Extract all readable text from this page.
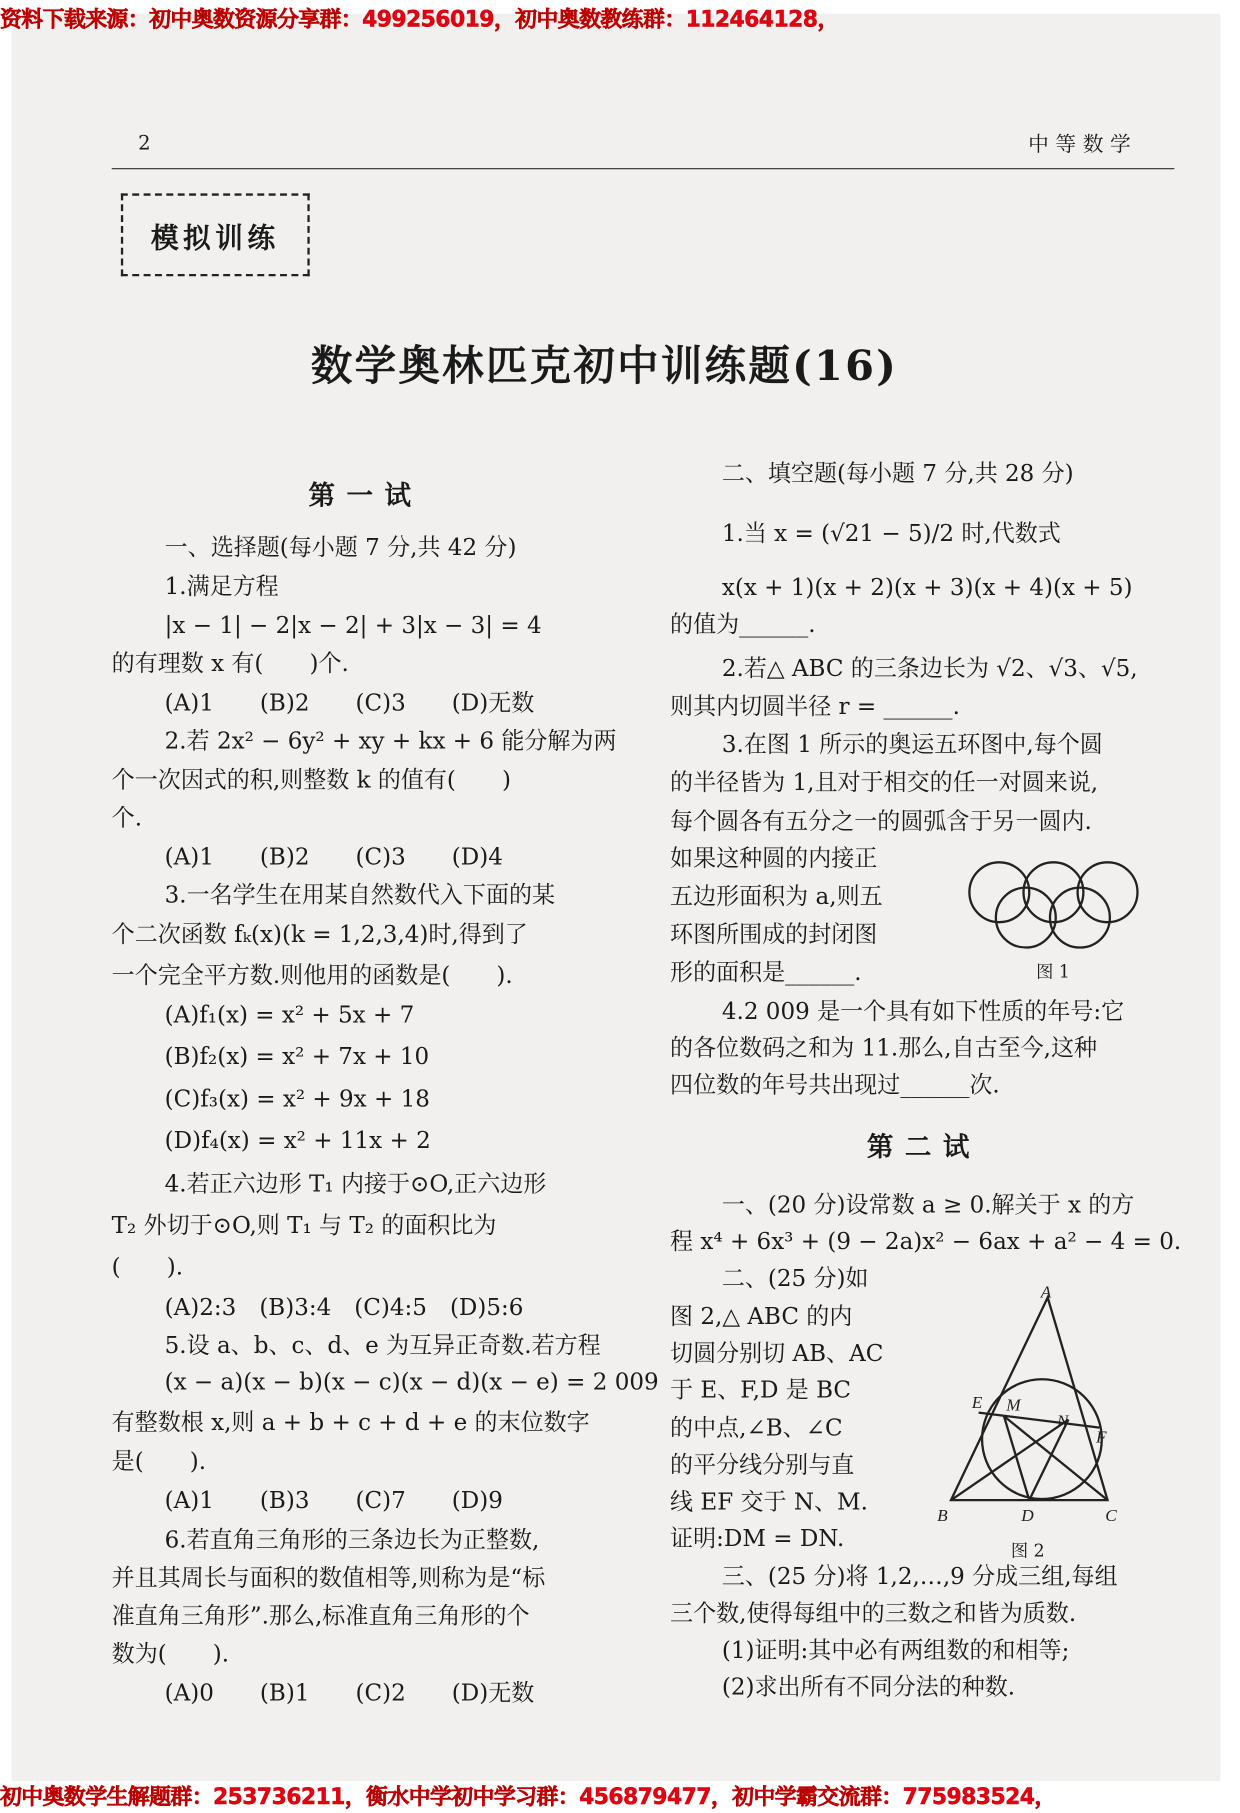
资料下载来源：初中奥数资源分享群：499256019，初中奥数教练群：112464128，
初中奥数学生解题群：253736211，衡水中学初中学习群：456879477，初中学霸交流群：775983524，
2	中 等 数 学
模拟训练
数学奥林匹克初中训练题(16)
第一试
第二试
一、选择题(每小题 7 分,共 42 分)
1.满足方程
|x − 1| − 2|x − 2| + 3|x − 3| = 4
的有理数 x 有(　　)个.
(A)1　　(B)2　　(C)3　　(D)无数
2.若 2x² − 6y² + xy + kx + 6 能分解为两
个一次因式的积,则整数 k 的值有(　　)
个.
(A)1　　(B)2　　(C)3　　(D)4
3.一名学生在用某自然数代入下面的某
个二次函数 fₖ(x)(k = 1,2,3,4)时,得到了
一个完全平方数.则他用的函数是(　　).
(A)f₁(x) = x² + 5x + 7
(B)f₂(x) = x² + 7x + 10
(C)f₃(x) = x² + 9x + 18
(D)f₄(x) = x² + 11x + 2
4.若正六边形 T₁ 内接于⊙O,正六边形
T₂ 外切于⊙O,则 T₁ 与 T₂ 的面积比为
(　　).
(A)2:3　(B)3:4　(C)4:5　(D)5:6
5.设 a、b、c、d、e 为互异正奇数.若方程
(x − a)(x − b)(x − c)(x − d)(x − e) = 2 009
有整数根 x,则 a + b + c + d + e 的末位数字
是(　　).
(A)1　　(B)3　　(C)7　　(D)9
6.若直角三角形的三条边长为正整数,
并且其周长与面积的数值相等,则称为是“标
准直角三角形”.那么,标准直角三角形的个
数为(　　).
(A)0　　(B)1　　(C)2　　(D)无数
二、填空题(每小题 7 分,共 28 分)
1.当 x = (√21 − 5)/2 时,代数式
x(x + 1)(x + 2)(x + 3)(x + 4)(x + 5)
的值为______.
2.若△ ABC 的三条边长为 √2、√3、√5,
则其内切圆半径 r = ______.
3.在图 1 所示的奥运五环图中,每个圆
的半径皆为 1,且对于相交的任一对圆来说,
每个圆各有五分之一的圆弧含于另一圆内.
如果这种圆的内接正
五边形面积为 a,则五
环图所围成的封闭图
形的面积是______.
4.2 009 是一个具有如下性质的年号:它
的各位数码之和为 11.那么,自古至今,这种
四位数的年号共出现过______次.
一、(20 分)设常数 a ≥ 0.解关于 x 的方
程 x⁴ + 6x³ + (9 − 2a)x² − 6ax + a² − 4 = 0.
二、(25 分)如
图 2,△ ABC 的内
切圆分别切 AB、AC
于 E、F,D 是 BC
的中点,∠B、∠C
的平分线分别与直
线 EF 交于 N、M.
证明:DM = DN.
三、(25 分)将 1,2,…,9 分成三组,每组
三个数,使得每组中的三数之和皆为质数.
(1)证明:其中必有两组数的和相等;
(2)求出所有不同分法的种数.
图 1
A
B	C
D
E
F
M
N
图 2
